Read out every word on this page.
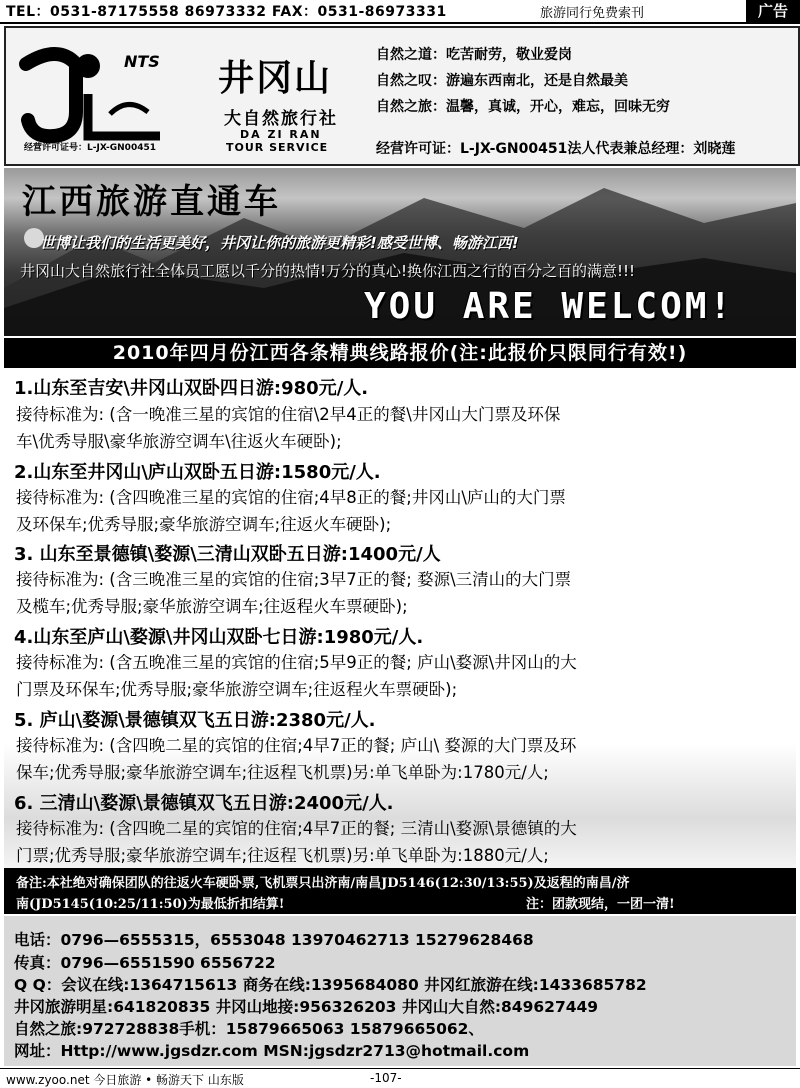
TEL：0531-87175558 86973332 FAX：0531-86973331	旅游同行免费索刊	广告
NTS
经营许可证号：L-JX-GN00451
井冈山
大自然旅行社
DA ZI RAN
TOUR SERVICE
自然之道：吃苦耐劳，敬业爱岗
自然之叹：游遍东西南北，还是自然最美
自然之旅：温馨，真诚，开心，难忘，回味无穷
经营许可证：L-JX-GN00451法人代表兼总经理：刘晓莲
江西旅游直通车
世博让我们的生活更美好，井冈让你的旅游更精彩!感受世博、畅游江西!
井冈山大自然旅行社全体员工愿以千分的热情!万分的真心!换你江西之行的百分之百的满意!!!
YOU ARE WELCOM!
2010年四月份江西各条精典线路报价(注:此报价只限同行有效!)
1.山东至吉安\井冈山双卧四日游:980元/人.
接待标准为: (含一晚准三星的宾馆的住宿\2早4正的餐\井冈山大门票及环保
车\优秀导服\豪华旅游空调车\往返火车硬卧);
2.山东至井冈山\庐山双卧五日游:1580元/人.
接待标准为: (含四晚准三星的宾馆的住宿;4早8正的餐;井冈山\庐山的大门票
及环保车;优秀导服;豪华旅游空调车;往返火车硬卧);
3. 山东至景德镇\婺源\三清山双卧五日游:1400元/人
接待标准为: (含三晚准三星的宾馆的住宿;3早7正的餐; 婺源\三清山的大门票
及榄车;优秀导服;豪华旅游空调车;往返程火车票硬卧);
4.山东至庐山\婺源\井冈山双卧七日游:1980元/人.
接待标准为: (含五晚准三星的宾馆的住宿;5早9正的餐; 庐山\婺源\井冈山的大
门票及环保车;优秀导服;豪华旅游空调车;往返程火车票硬卧);
5. 庐山\婺源\景德镇双飞五日游:2380元/人.
接待标准为: (含四晚二星的宾馆的住宿;4早7正的餐; 庐山\ 婺源的大门票及环
保车;优秀导服;豪华旅游空调车;往返程飞机票)另:单飞单卧为:1780元/人;
6. 三清山\婺源\景德镇双飞五日游:2400元/人.
接待标准为: (含四晚二星的宾馆的住宿;4早7正的餐; 三清山\婺源\景德镇的大
门票;优秀导服;豪华旅游空调车;往返程飞机票)另:单飞单卧为:1880元/人;
备注:本社绝对确保团队的往返火车硬卧票,飞机票只出济南/南昌JD5146(12:30/13:55)及返程的南昌/济
南(JD5145(10:25/11:50)为最低折扣结算!	注：团款现结，一团一清!
电话：0796—6555315，6553048 13970462713 15279628468
传真：0796—6551590 6556722
Q Q：会议在线:1364715613 商务在线:1395684080 井冈红旅游在线:1433685782
井冈旅游明星:641820835 井冈山地接:956326203 井冈山大自然:849627449
自然之旅:972728838手机：15879665063 15879665062、
网址：Http://www.jgsdzr.com MSN:jgsdzr2713@hotmail.com
www.zyoo.net 今日旅游 • 畅游天下 山东版	-107-
